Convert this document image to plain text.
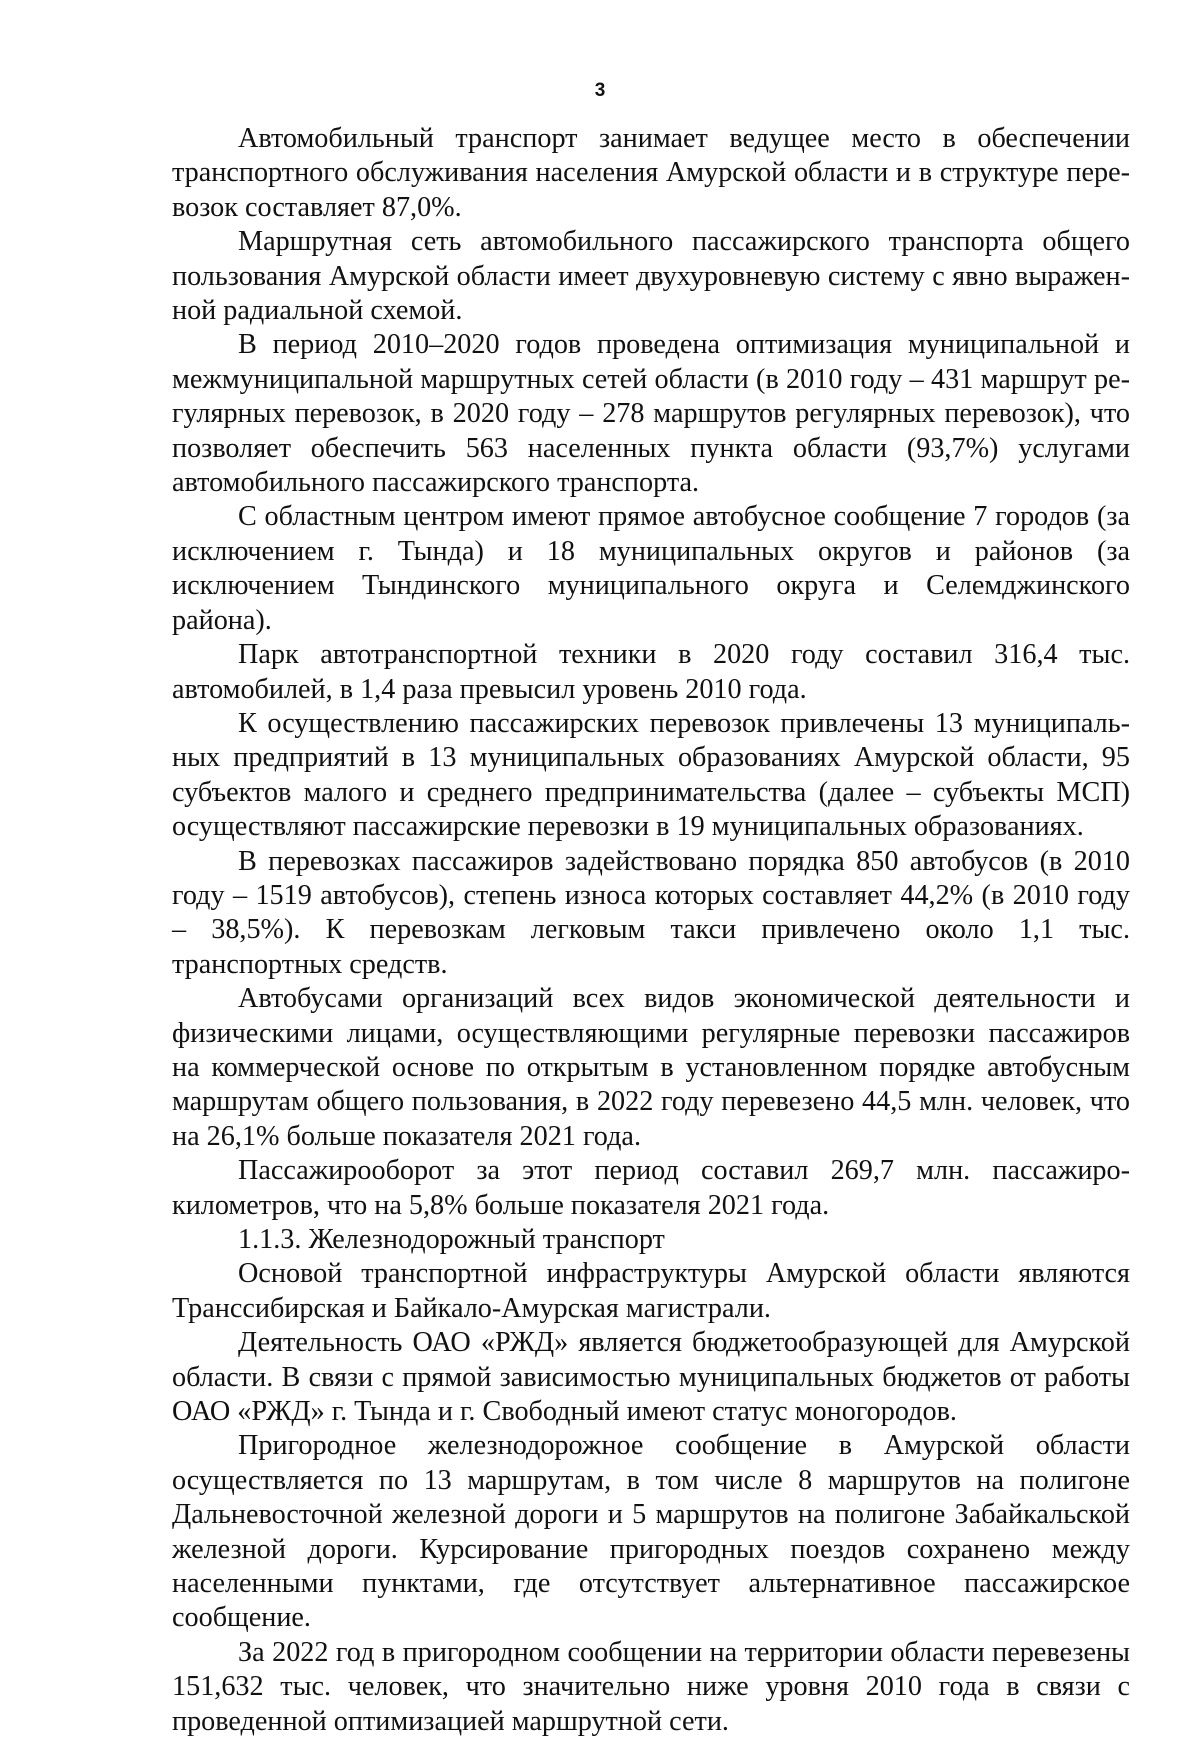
3

Автомобильный транспорт занимает ведущее место в обеспечении транспортного обслуживания населения Амурской области и в структуре перевозок составляет 87,0%.

Маршрутная сеть автомобильного пассажирского транспорта общего пользования Амурской области имеет двухуровневую систему с явно выраженной радиальной схемой.

В период 2010–2020 годов проведена оптимизация муниципальной и межмуниципальной маршрутных сетей области (в 2010 году – 431 маршрут регулярных перевозок, в 2020 году – 278 маршрутов регулярных перевозок), что позволяет обеспечить 563 населенных пункта области (93,7%) услугами автомобильного пассажирского транспорта.

С областным центром имеют прямое автобусное сообщение 7 городов (за исключением г. Тында) и 18 муниципальных округов и районов (за исключением Тындинского муниципального округа и Селемджинского района).

Парк автотранспортной техники в 2020 году составил 316,4 тыс. автомобилей, в 1,4 раза превысил уровень 2010 года.

К осуществлению пассажирских перевозок привлечены 13 муниципальных предприятий в 13 муниципальных образованиях Амурской области, 95 субъектов малого и среднего предпринимательства (далее – субъекты МСП) осуществляют пассажирские перевозки в 19 муниципальных образованиях.

В перевозках пассажиров задействовано порядка 850 автобусов (в 2010 году – 1519 автобусов), степень износа которых составляет 44,2% (в 2010 году – 38,5%). К перевозкам легковым такси привлечено около 1,1 тыс. транспортных средств.

Автобусами организаций всех видов экономической деятельности и физическими лицами, осуществляющими регулярные перевозки пассажиров на коммерческой основе по открытым в установленном порядке автобусным маршрутам общего пользования, в 2022 году перевезено 44,5 млн. человек, что на 26,1% больше показателя 2021 года.

Пассажирооборот за этот период составил 269,7 млн. пассажиро-километров, что на 5,8% больше показателя 2021 года.

1.1.3. Железнодорожный транспорт

Основой транспортной инфраструктуры Амурской области являются Транссибирская и Байкало-Амурская магистрали.

Деятельность ОАО «РЖД» является бюджетообразующей для Амурской области. В связи с прямой зависимостью муниципальных бюджетов от работы ОАО «РЖД» г. Тында и г. Свободный имеют статус моногородов.

Пригородное железнодорожное сообщение в Амурской области осуществляется по 13 маршрутам, в том числе 8 маршрутов на полигоне Дальневосточной железной дороги и 5 маршрутов на полигоне Забайкальской железной дороги. Курсирование пригородных поездов сохранено между населенными пунктами, где отсутствует альтернативное пассажирское сообщение.

За 2022 год в пригородном сообщении на территории области перевезены 151,632 тыс. человек, что значительно ниже уровня 2010 года в связи с проведенной оптимизацией маршрутной сети.
